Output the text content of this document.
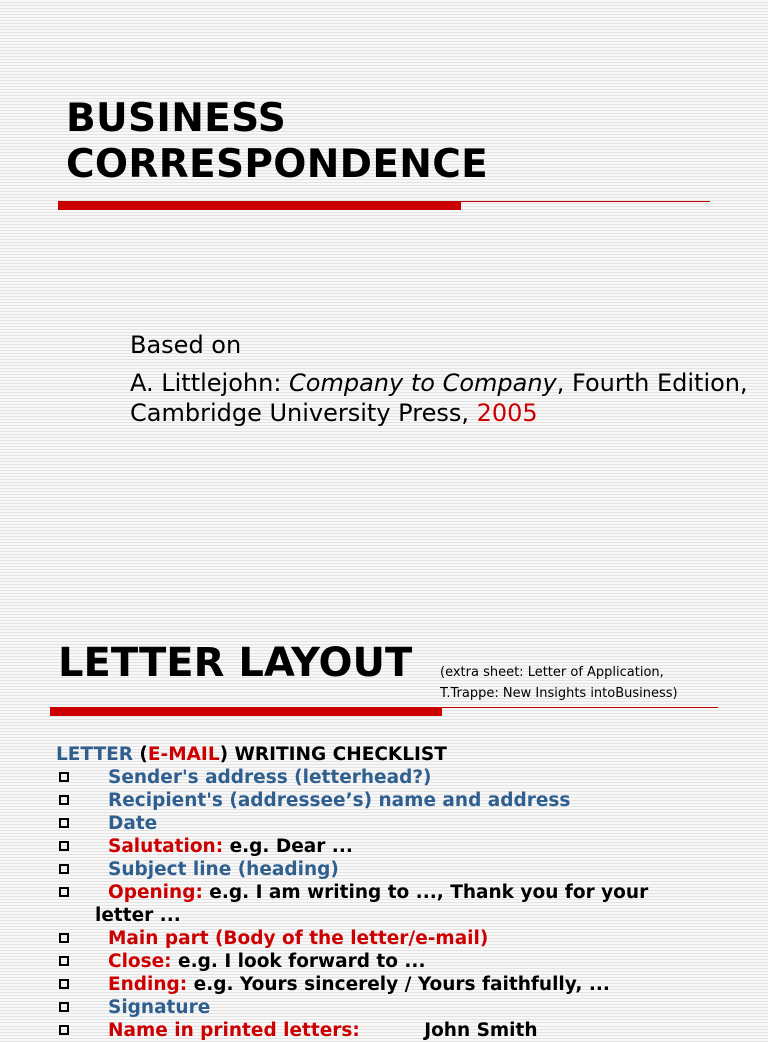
BUSINESS
CORRESPONDENCE

Based on

A. Littlejohn: Company to Company, Fourth Edition, Cambridge University Press, 2005

LETTER LAYOUT (extra sheet: Letter of Application,
T.Trappe: New Insights intoBusiness)
LETTER (E-MAIL) WRITING CHECKLIST
Sender's address (letterhead?)
Recipient's (addressee’s) name and address
Date
Salutation: e.g. Dear ...
Subject line (heading)
Opening: e.g. I am writing to ..., Thank you for your
letter ...
Main part (Body of the letter/e-mail)
Close: e.g. I look forward to ...
Ending: e.g. Yours sincerely / Yours faithfully, ...
Signature
Name in printed letters:          John Smith
